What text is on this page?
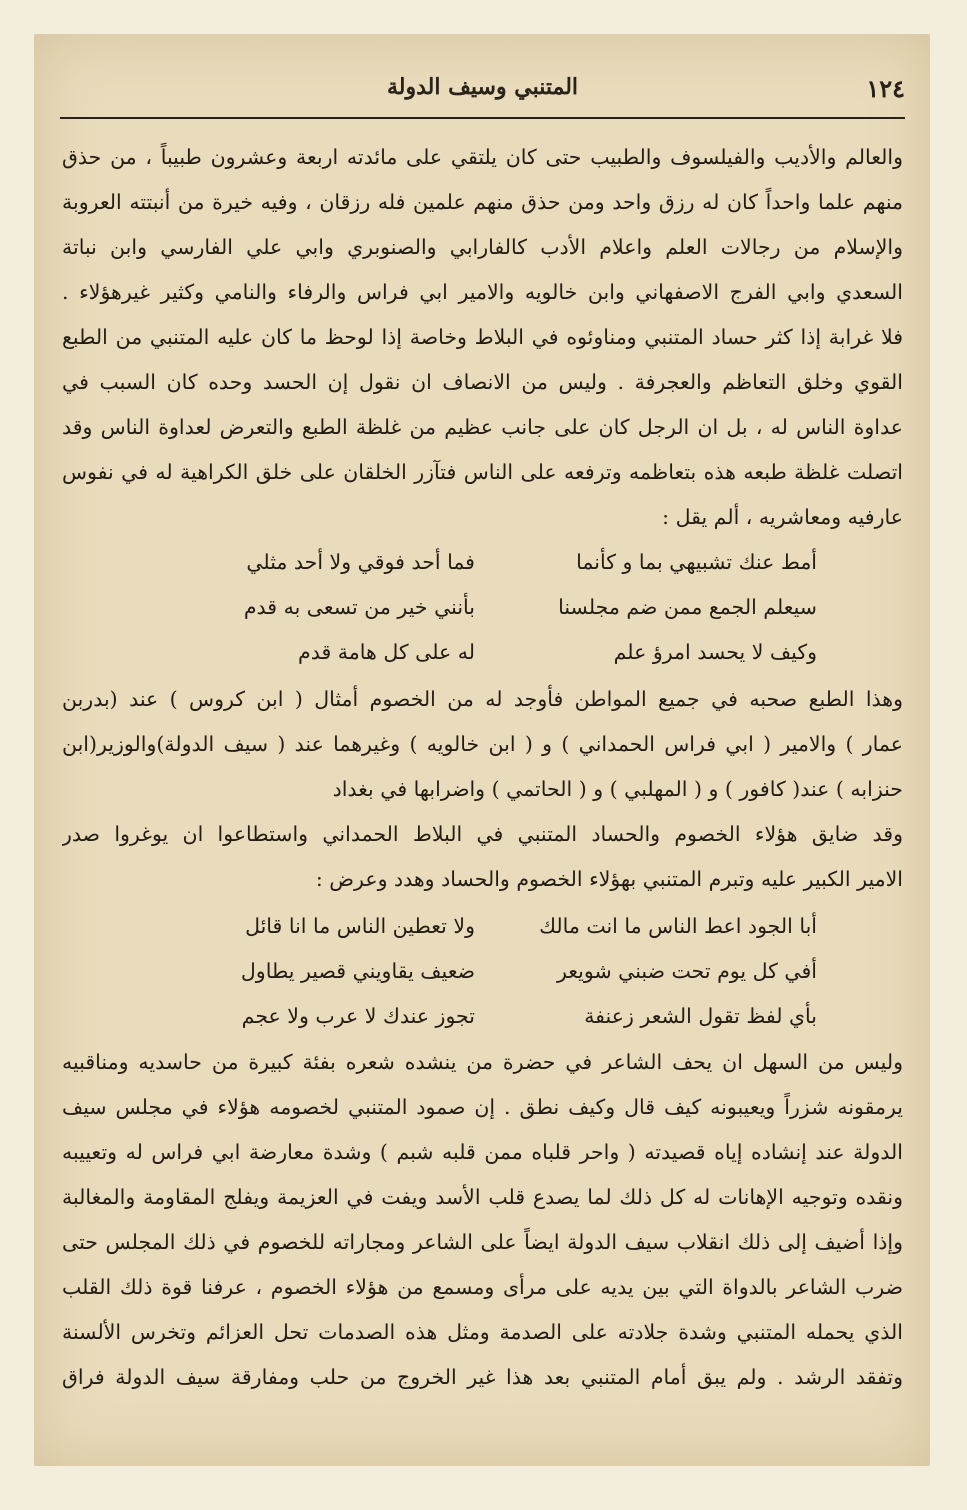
١٢٤
المتنبي وسيف الدولة
والعالم والأديب والفيلسوف والطبيب حتى كان يلتقي على مائدته اربعة وعشرون طبيباً ، من حذق
منهم علما واحداً كان له رزق واحد ومن حذق منهم علمين فله رزقان ، وفيه خيرة من أنبتته العروبة
والإسلام من رجالات العلم واعلام الأدب كالفارابي والصنوبري وابي علي الفارسي وابن نباتة
السعدي وابي الفرج الاصفهاني وابن خالويه والامير ابي فراس والرفاء والنامي وكثير غيرهؤلاء .
فلا غرابة إذا كثر حساد المتنبي ومناوئوه في البلاط وخاصة إذا لوحظ ما كان عليه المتنبي من الطبع
القوي وخلق التعاظم والعجرفة . وليس من الانصاف ان نقول إن الحسد وحده كان السبب في
عداوة الناس له ، بل ان الرجل كان على جانب عظيم من غلظة الطبع والتعرض لعداوة الناس وقد
اتصلت غلظة طبعه هذه بتعاظمه وترفعه على الناس فتآزر الخلقان على خلق الكراهية له في نفوس
عارفيه ومعاشريه ، ألم يقل :
أمط عنك تشبيهي بما و كأنما
فما أحد فوقي ولا أحد مثلي
سيعلم الجمع ممن ضم مجلسنا
بأنني خير من تسعى به قدم
وكيف لا يحسد امرؤ علم
له على كل هامة قدم
وهذا الطبع صحبه في جميع المواطن فأوجد له من الخصوم أمثال ( ابن كروس ) عند (بدربن
عمار ) والامير ( ابي فراس الحمداني ) و ( ابن خالويه ) وغيرهما عند ( سيف الدولة)والوزير(ابن
حنزابه ) عند( كافور ) و ( المهلبي ) و ( الحاتمي ) واضرابها في بغداد
وقد ضايق هؤلاء الخصوم والحساد المتنبي في البلاط الحمداني واستطاعوا ان يوغروا صدر
الامير الكبير عليه وتبرم المتنبي بهؤلاء الخصوم والحساد وهدد وعرض :
أبا الجود اعط الناس ما انت مالك
ولا تعطين الناس ما انا قائل
أفي كل يوم تحت ضبني شويعر
ضعيف يقاويني قصير يطاول
بأي لفظ تقول الشعر زعنفة
تجوز عندك لا عرب ولا عجم
وليس من السهل ان يحف الشاعر في حضرة من ينشده شعره بفئة كبيرة من حاسديه ومناقبيه
يرمقونه شزراً ويعيبونه كيف قال وكيف نطق . إن صمود المتنبي لخصومه هؤلاء في مجلس سيف
الدولة عند إنشاده إياه قصيدته ( واحر قلباه ممن قلبه شبم ) وشدة معارضة ابي فراس له وتعييبه
ونقده وتوجيه الإهانات له كل ذلك لما يصدع قلب الأسد ويفت في العزيمة ويفلج المقاومة والمغالبة
وإذا أضيف إلى ذلك انقلاب سيف الدولة ايضاً على الشاعر ومجاراته للخصوم في ذلك المجلس حتى
ضرب الشاعر بالدواة التي بين يديه على مرأى ومسمع من هؤلاء الخصوم ، عرفنا قوة ذلك القلب
الذي يحمله المتنبي وشدة جلادته على الصدمة ومثل هذه الصدمات تحل العزائم وتخرس الألسنة
وتفقد الرشد . ولم يبق أمام المتنبي بعد هذا غير الخروج من حلب ومفارقة سيف الدولة فراق
